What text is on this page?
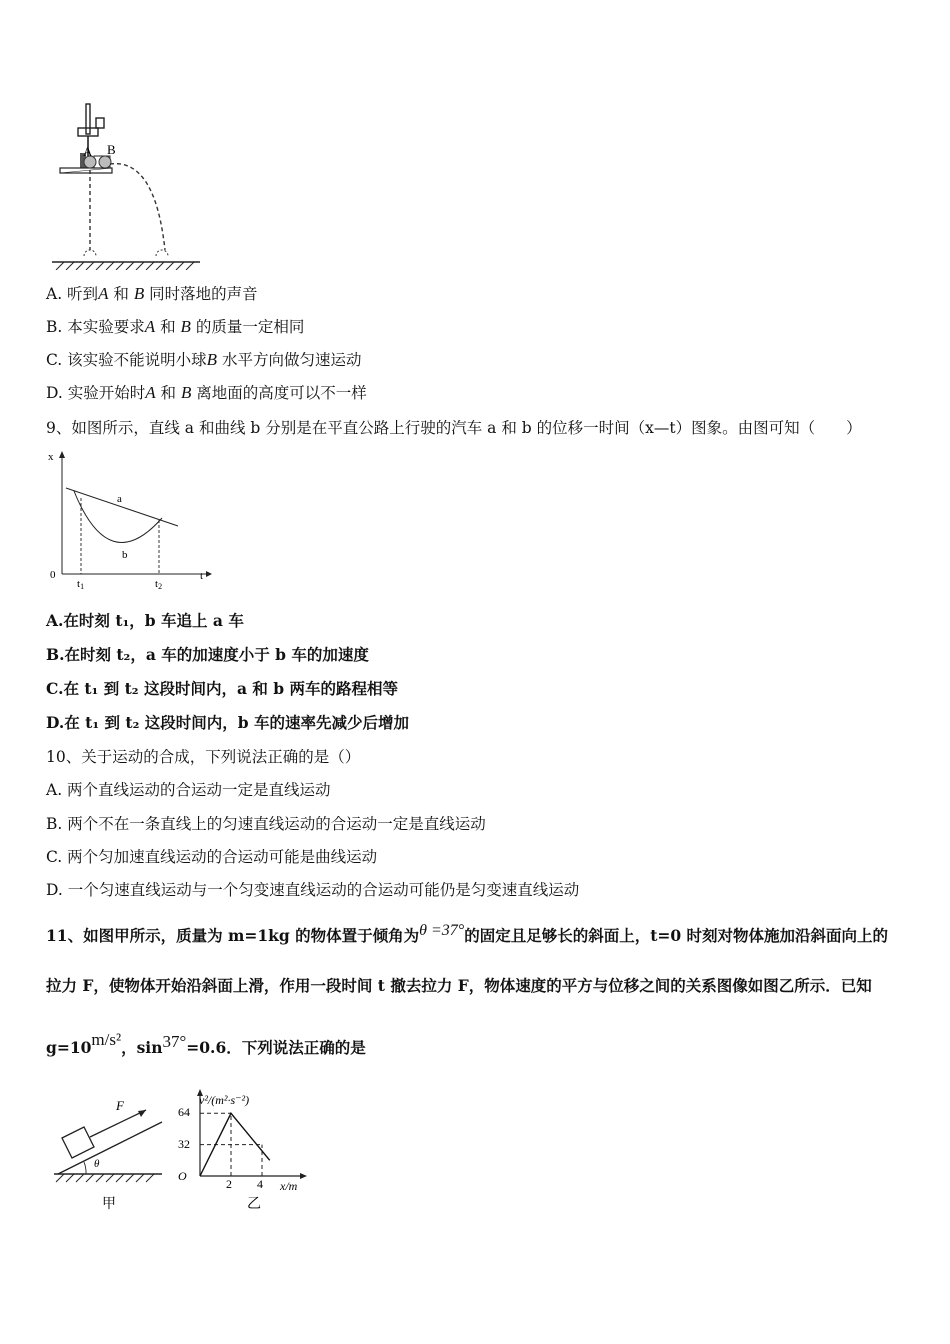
A B
A. 听到A 和 B 同时落地的声音
B. 本实验要求A 和 B 的质量一定相同
C. 该实验不能说明小球B 水平方向做匀速运动
D. 实验开始时A 和 B 离地面的高度可以不一样
9、如图所示，直线 a 和曲线 b 分别是在平直公路上行驶的汽车 a 和 b 的位移一时间（x—t）图象。由图可知（　　）
x
t
0
a
b
t1	t2
A.在时刻 t₁，b 车追上 a 车
B.在时刻 t₂，a 车的加速度小于 b 车的加速度
C.在 t₁ 到 t₂ 这段时间内，a 和 b 两车的路程相等
D.在 t₁ 到 t₂ 这段时间内，b 车的速率先减少后增加
10、关于运动的合成，下列说法正确的是（）
A. 两个直线运动的合运动一定是直线运动
B. 两个不在一条直线上的匀速直线运动的合运动一定是直线运动
C. 两个匀加速直线运动的合运动可能是曲线运动
D. 一个匀速直线运动与一个匀变速直线运动的合运动可能仍是匀变速直线运动
11、如图甲所示，质量为 m=1kg 的物体置于倾角为θ =37°的固定且足够长的斜面上，t=0 时刻对物体施加沿斜面向上的
拉力 F，使物体开始沿斜面上滑，作用一段时间 t 撤去拉力 F，物体速度的平方与位移之间的关系图像如图乙所示．已知
g=10m/s²，sin37°=0.6．下列说法正确的是
F
θ
甲
v²/(m²·s⁻²)
x/m
O
64
32
2 4
乙
